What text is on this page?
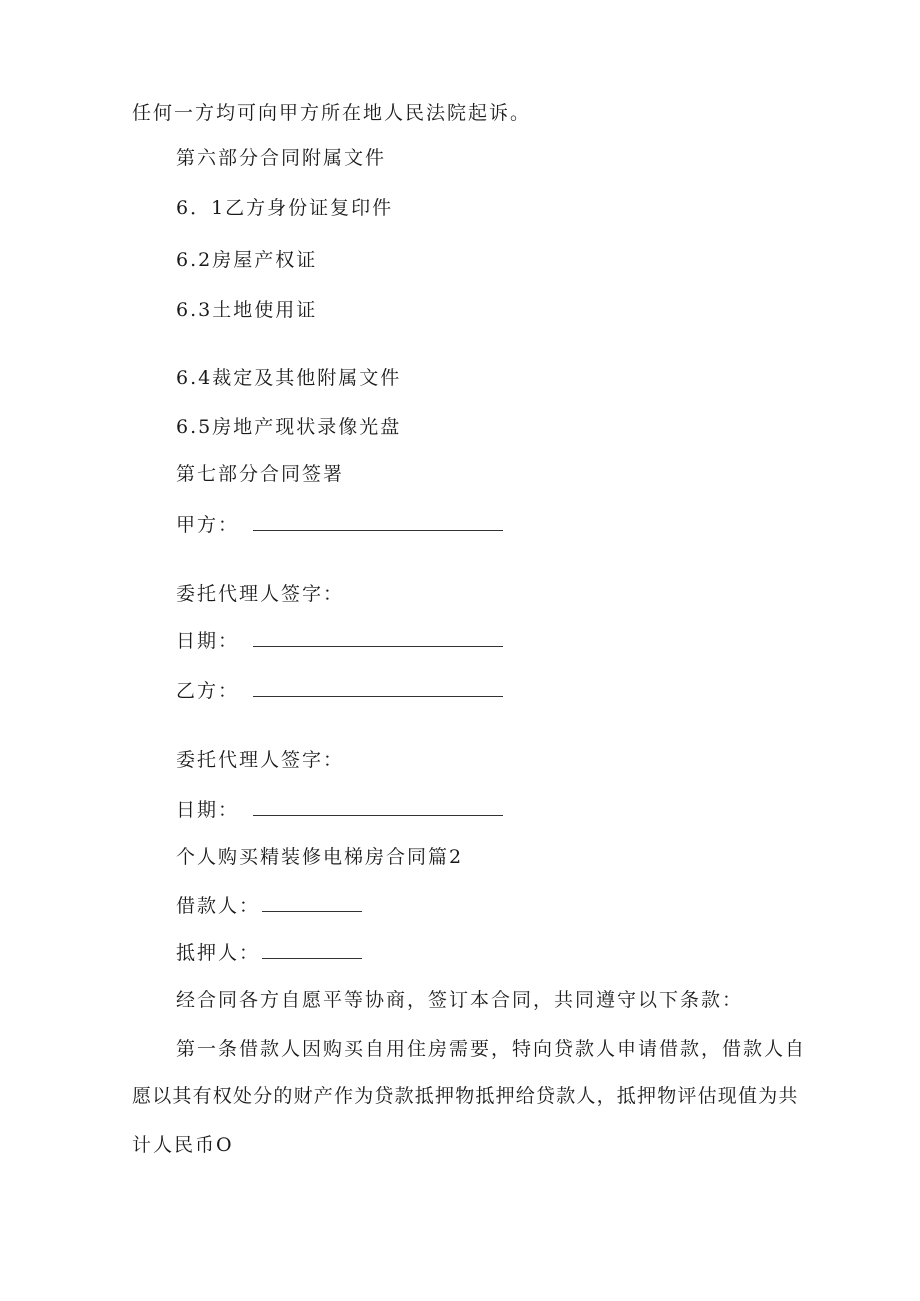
任何一方均可向甲方所在地人民法院起诉。
第六部分合同附属文件
6．1乙方身份证复印件
6.2房屋产权证
6.3土地使用证
6.4裁定及其他附属文件
6.5房地产现状录像光盘
第七部分合同签署
甲方：
委托代理人签字：
日期：
乙方：
委托代理人签字：
日期：
个人购买精装修电梯房合同篇2
借款人：
抵押人：
经合同各方自愿平等协商，签订本合同，共同遵守以下条款：
第一条借款人因购买自用住房需要，特向贷款人申请借款，借款人自
愿以其有权处分的财产作为贷款抵押物抵押给贷款人，抵押物评估现值为共
计人民币O
